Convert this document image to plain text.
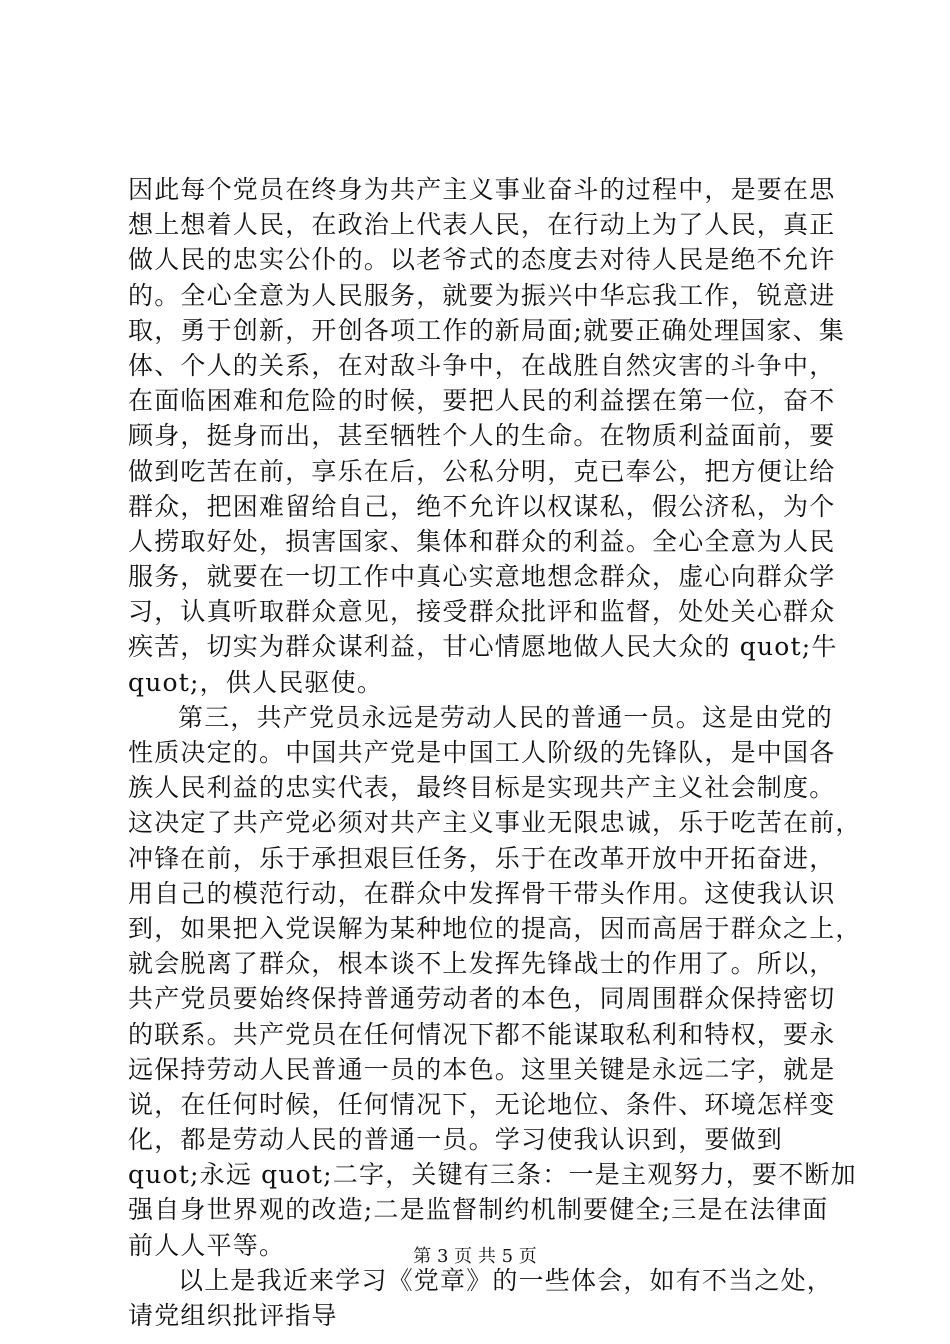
因此每个党员在终身为共产主义事业奋斗的过程中，是要在思
想上想着人民，在政治上代表人民，在行动上为了人民，真正
做人民的忠实公仆的。以老爷式的态度去对待人民是绝不允许
的。全心全意为人民服务，就要为振兴中华忘我工作，锐意进
取，勇于创新，开创各项工作的新局面;就要正确处理国家、集
体、个人的关系，在对敌斗争中，在战胜自然灾害的斗争中，
在面临困难和危险的时候，要把人民的利益摆在第一位，奋不
顾身，挺身而出，甚至牺牲个人的生命。在物质利益面前，要
做到吃苦在前，享乐在后，公私分明，克已奉公，把方便让给
群众，把困难留给自己，绝不允许以权谋私，假公济私，为个
人捞取好处，损害国家、集体和群众的利益。全心全意为人民
服务，就要在一切工作中真心实意地想念群众，虚心向群众学
习，认真听取群众意见，接受群众批评和监督，处处关心群众
疾苦，切实为群众谋利益，甘心情愿地做人民大众的 quot;牛
quot;，供人民驱使。
第三，共产党员永远是劳动人民的普通一员。这是由党的
性质决定的。中国共产党是中国工人阶级的先锋队，是中国各
族人民利益的忠实代表，最终目标是实现共产主义社会制度。
这决定了共产党必须对共产主义事业无限忠诚，乐于吃苦在前，
冲锋在前，乐于承担艰巨任务，乐于在改革开放中开拓奋进，
用自己的模范行动，在群众中发挥骨干带头作用。这使我认识
到，如果把入党误解为某种地位的提高，因而高居于群众之上，
就会脱离了群众，根本谈不上发挥先锋战士的作用了。所以，
共产党员要始终保持普通劳动者的本色，同周围群众保持密切
的联系。共产党员在任何情况下都不能谋取私利和特权，要永
远保持劳动人民普通一员的本色。这里关键是永远二字，就是
说，在任何时候，任何情况下，无论地位、条件、环境怎样变
化，都是劳动人民的普通一员。学习使我认识到，要做到
quot;永远 quot;二字，关键有三条：一是主观努力，要不断加
强自身世界观的改造;二是监督制约机制要健全;三是在法律面
前人人平等。
以上是我近来学习《党章》的一些体会，如有不当之处，
请党组织批评指导
第 3 页 共 5 页
